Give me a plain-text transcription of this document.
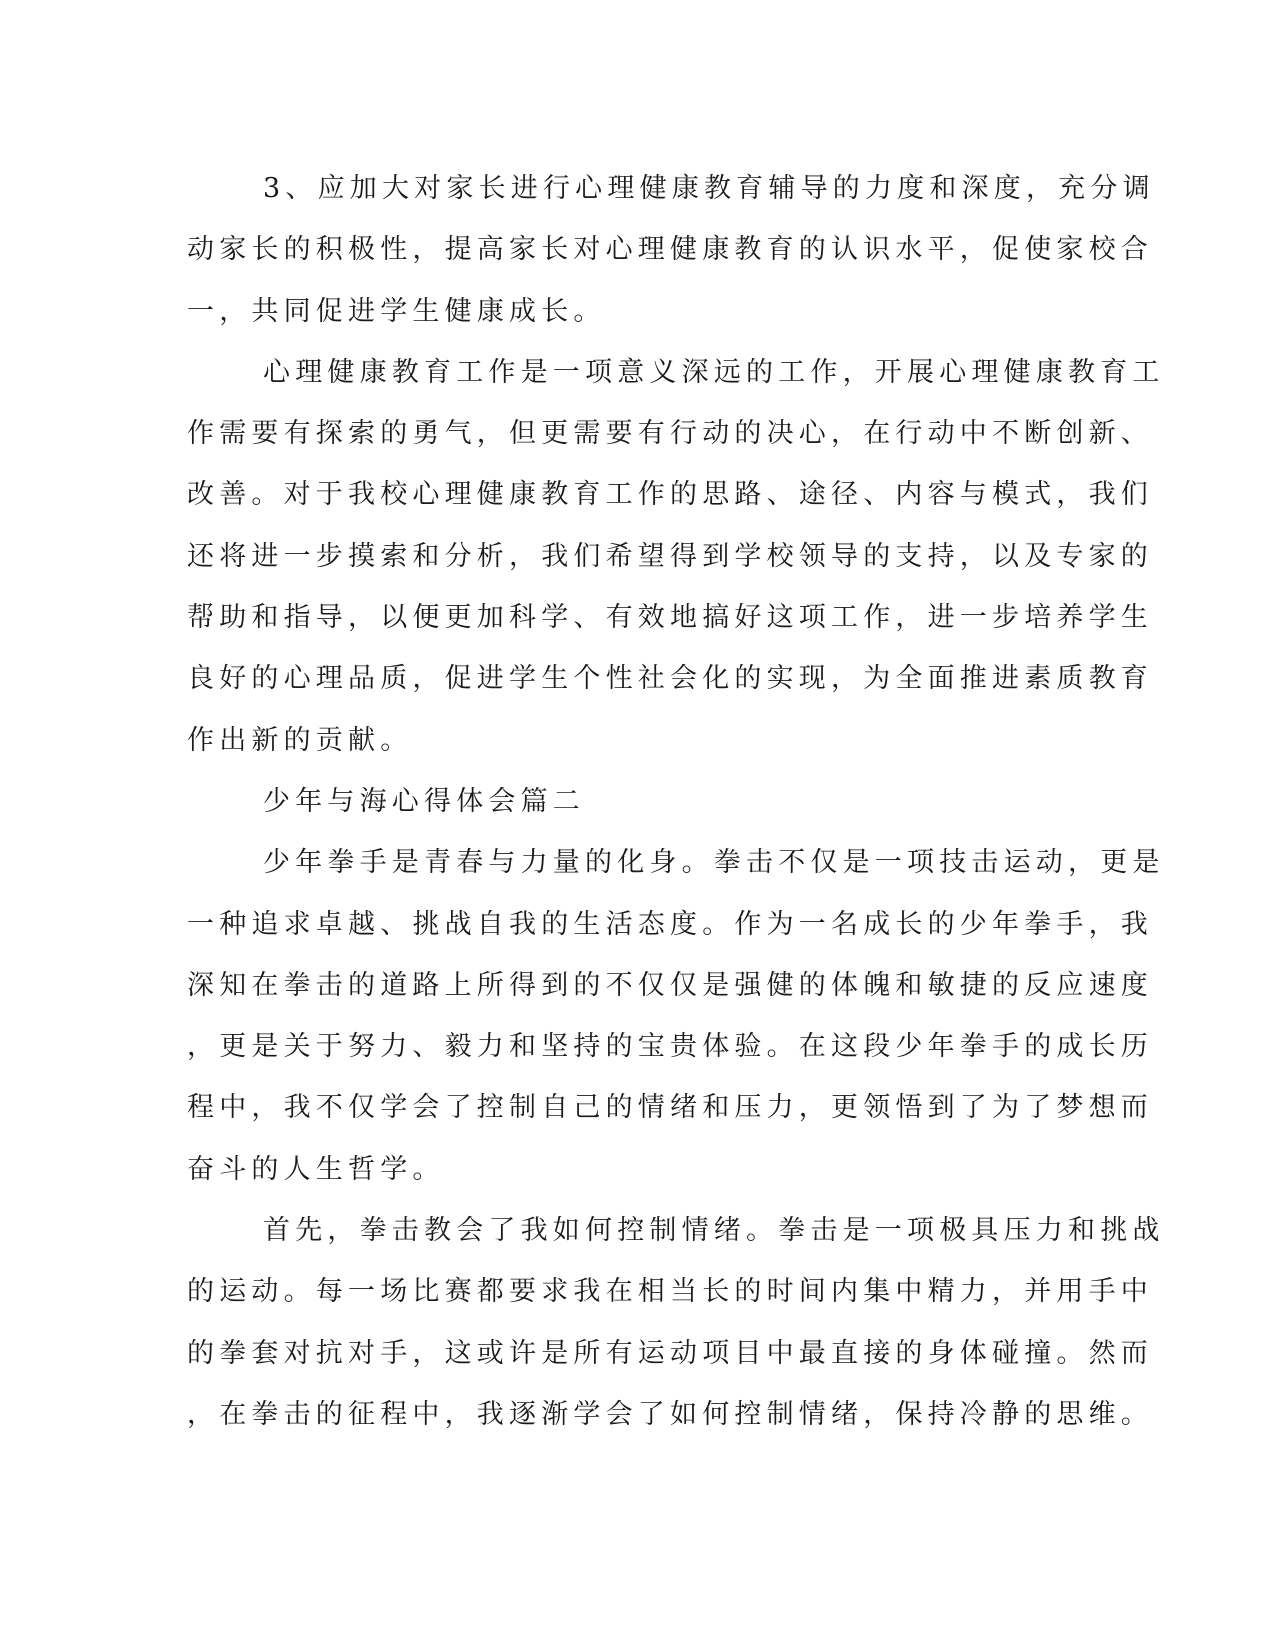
3、应加大对家长进行心理健康教育辅导的力度和深度，充分调
动家长的积极性，提高家长对心理健康教育的认识水平，促使家校合
一，共同促进学生健康成长。
心理健康教育工作是一项意义深远的工作，开展心理健康教育工
作需要有探索的勇气，但更需要有行动的决心，在行动中不断创新、
改善。对于我校心理健康教育工作的思路、途径、内容与模式，我们
还将进一步摸索和分析，我们希望得到学校领导的支持，以及专家的
帮助和指导，以便更加科学、有效地搞好这项工作，进一步培养学生
良好的心理品质，促进学生个性社会化的实现，为全面推进素质教育
作出新的贡献。
少年与海心得体会篇二
少年拳手是青春与力量的化身。拳击不仅是一项技击运动，更是
一种追求卓越、挑战自我的生活态度。作为一名成长的少年拳手，我
深知在拳击的道路上所得到的不仅仅是强健的体魄和敏捷的反应速度
，更是关于努力、毅力和坚持的宝贵体验。在这段少年拳手的成长历
程中，我不仅学会了控制自己的情绪和压力，更领悟到了为了梦想而
奋斗的人生哲学。
首先，拳击教会了我如何控制情绪。拳击是一项极具压力和挑战
的运动。每一场比赛都要求我在相当长的时间内集中精力，并用手中
的拳套对抗对手，这或许是所有运动项目中最直接的身体碰撞。然而
，在拳击的征程中，我逐渐学会了如何控制情绪，保持冷静的思维。
